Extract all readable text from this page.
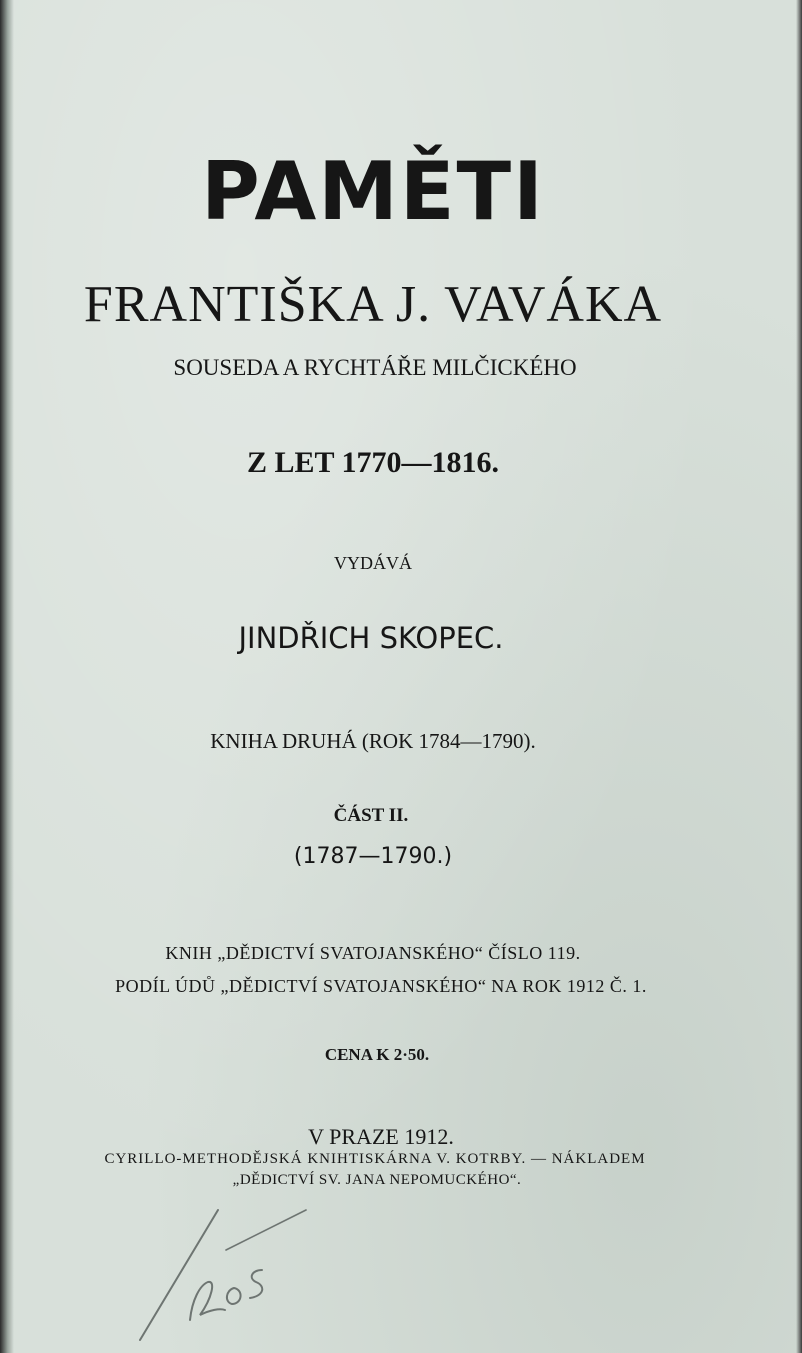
PAMĚTI
FRANTIŠKA J. VAVÁKA
SOUSEDA A RYCHTÁŘE MILČICKÉHO
Z LET 1770—1816.
VYDÁVÁ
JINDŘICH SKOPEC.
KNIHA DRUHÁ (ROK 1784—1790).
ČÁST II.
(1787—1790.)
KNIH „DĚDICTVÍ SVATOJANSKÉHO“ ČÍSLO 119.
PODÍL ÚDŮ „DĚDICTVÍ SVATOJANSKÉHO“ NA ROK 1912 Č. 1.
CENA K 2·50.
V PRAZE 1912.
CYRILLO-METHODĚJSKÁ KNIHTISKÁRNA V. KOTRBY. — NÁKLADEM
„DĚDICTVÍ SV. JANA NEPOMUCKÉHO“.
